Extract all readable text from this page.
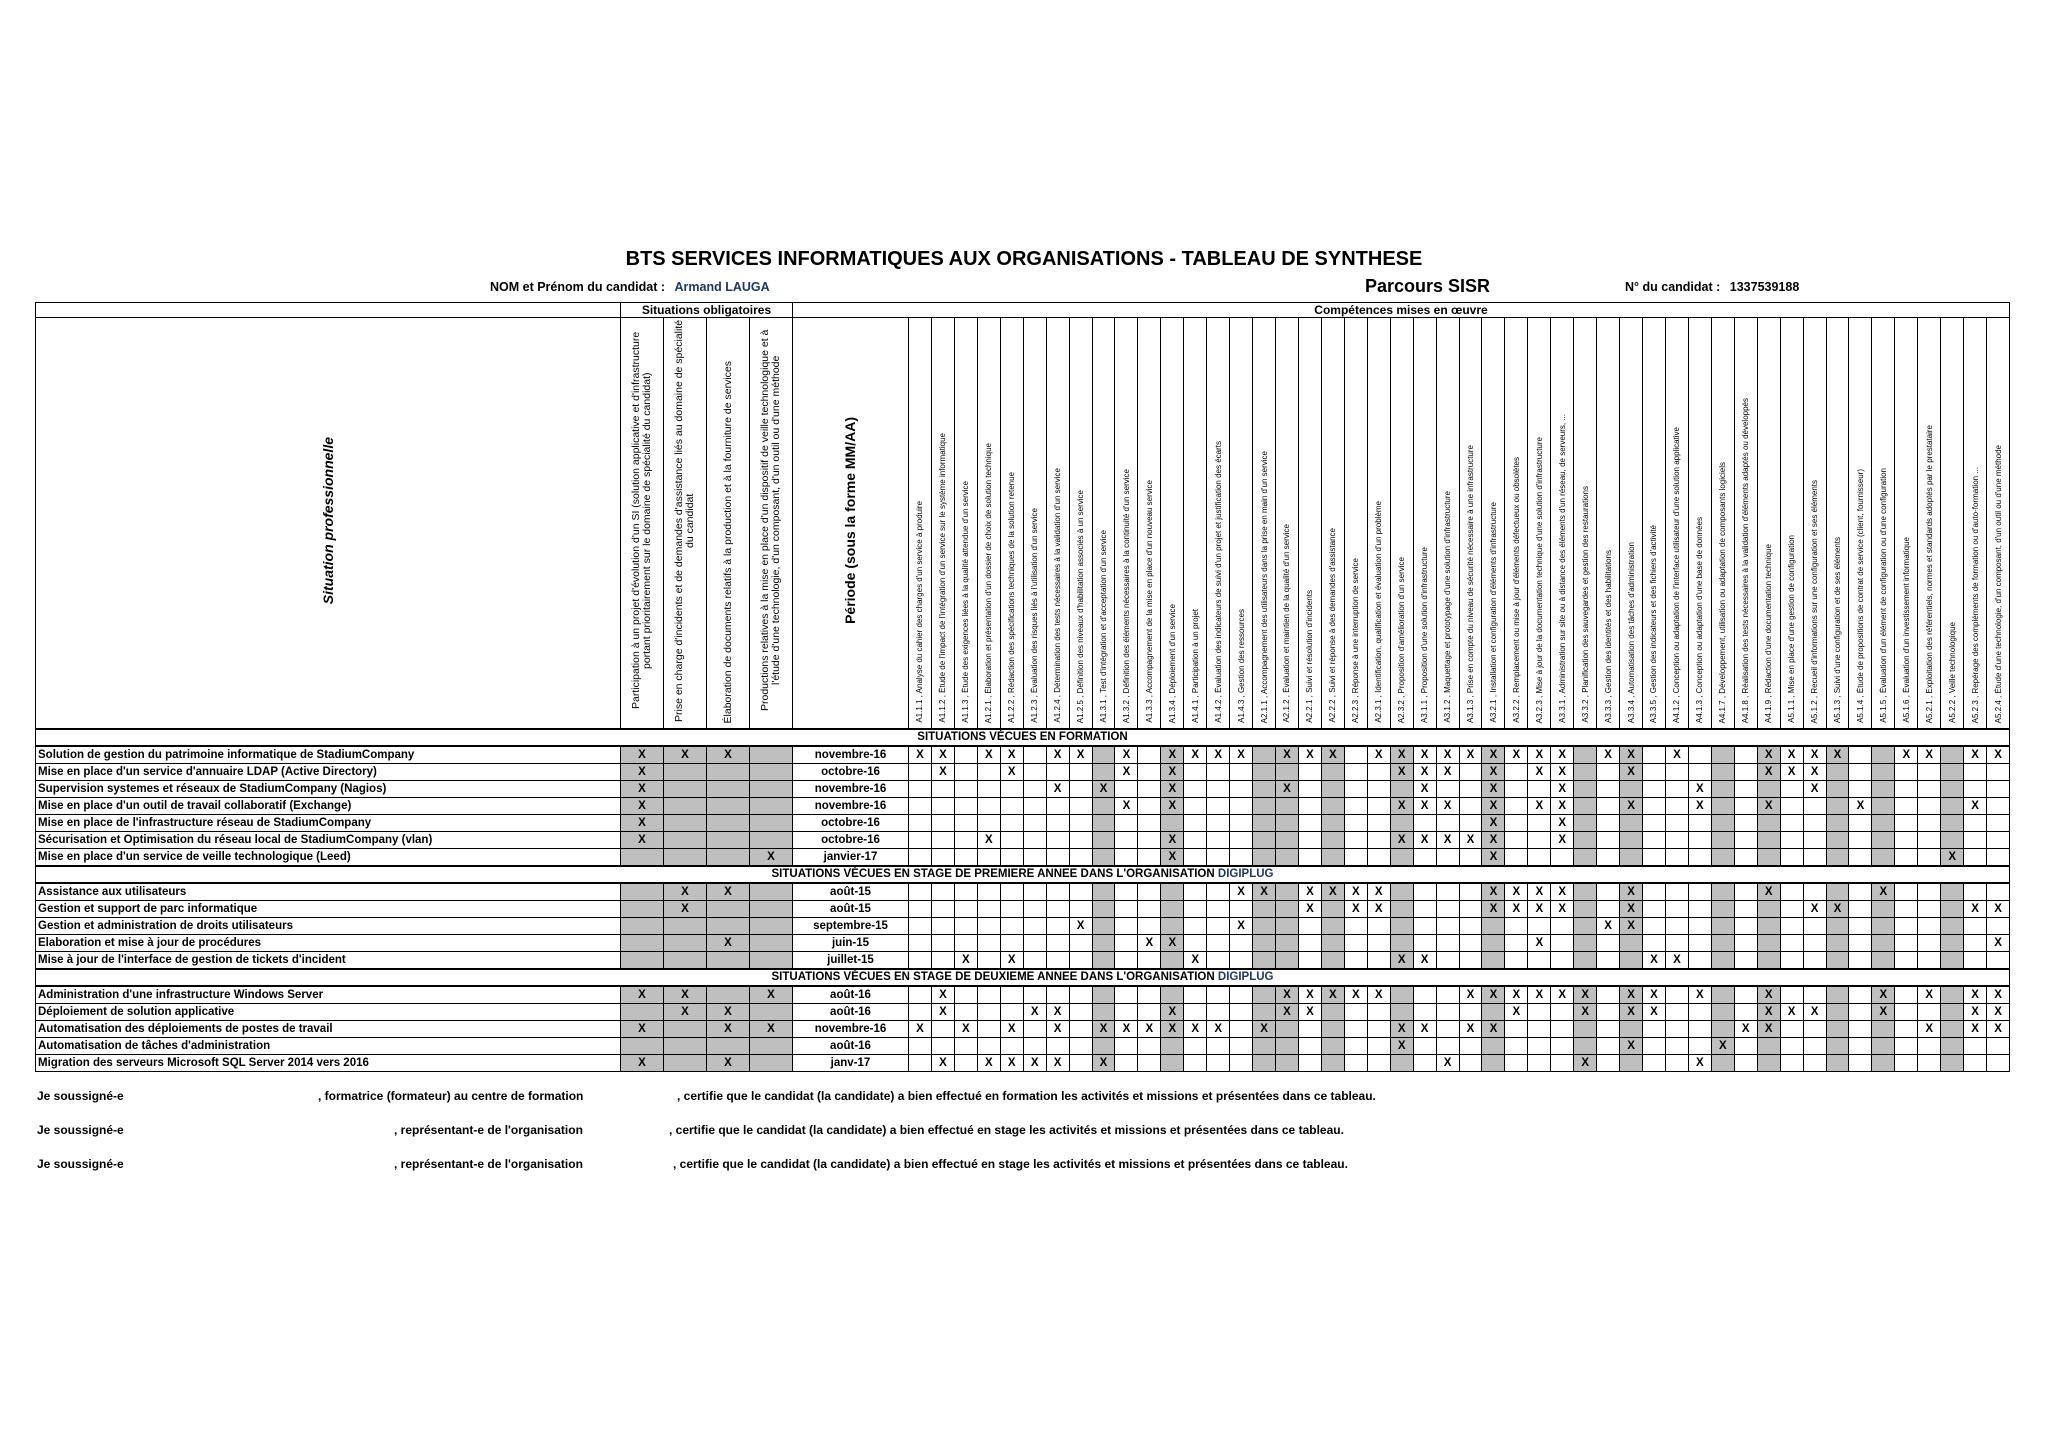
BTS SERVICES INFORMATIQUES AUX ORGANISATIONS - TABLEAU DE SYNTHESE
NOM et Prénom du candidat : Armand LAUGA	Parcours SISR	N° du candidat : 1337539188
	Situations obligatoires				Compétences mises en œuvre																																																
Situation professionnelle	Participation à un projet d'évolution d'un SI (solution applicative et d'infrastructure portant prioritairement sur le domaine de spécialité du candidat)	Prise en charge d'incidents et de demandes d'assistance liés au domaine de spécialité du candidat	Élaboration de documents relatifs à la production et à la fourniture de services	Productions relatives à la mise en place d'un dispositif de veille technologique et à l'étude d'une technologie, d'un composant, d'un outil ou d'une méthode	Période (sous la forme MM/AA)	A1.1.1 , Analyse du cahier des charges d'un service à produire	A1.1.2 , Étude de l'impact de l'intégration d'un service sur le système informatique	A1.1.3 , Étude des exigences liées à la qualité attendue d'un service	A1.2.1 , Élaboration et présentation d'un dossier de choix de solution technique	A1.2.2 , Rédaction des spécifications techniques de la solution retenue	A1.2.3 , Évaluation des risques liés à l'utilisation d'un service	A1.2.4 , Détermination des tests nécessaires à la validation d'un service	A1.2.5 , Définition des niveaux d'habilitation associés à un service	A1.3.1 , Test d'intégration et d'acceptation d'un service	A1.3.2 , Définition des éléments nécessaires à la continuité d'un service	A1.3.3 , Accompagnement de la mise en place d'un nouveau service	A1.3.4 , Déploiement d'un service	A1.4.1 , Participation à un projet	A1.4.2 , Évaluation des indicateurs de suivi d'un projet et justification des écarts	A1.4.3 , Gestion des ressources	A2.1.1 , Accompagnement des utilisateurs dans la prise en main d'un service	A2.1.2 , Évaluation et maintien de la qualité d'un service	A2.2.1 , Suivi et résolution d'incidents	A2.2.2 , Suivi et réponse à des demandes d'assistance	A2.2.3 , Réponse à une interruption de service	A2.3.1 , Identification, qualification et évaluation d'un problème	A2.3.2 , Proposition d'amélioration d'un service	A3.1.1 , Proposition d'une solution d'infrastructure	A3.1.2 , Maquettage et prototypage d'une solution d'infrastructure	A3.1.3 , Prise en compte du niveau de sécurité nécessaire à une infrastructure	A3.2.1 , Installation et configuration d'éléments d'infrastructure	A3.2.2 , Remplacement ou mise à jour d'éléments défectueux ou obsolètes	A3.2.3 , Mise à jour de la documentation technique d'une solution d'infrastructure	A3.3.1 , Administration sur site ou à distance des éléments d'un réseau, de serveurs, ...	A3.3.2 , Planification des sauvegardes et gestion des restaurations	A3.3.3 , Gestion des identités et des habilitations	A3.3.4 , Automatisation des tâches d'administration	A3.3.5 , Gestion des indicateurs et des fichiers d'activité	A4.1.2 , Conception ou adaptation de l'interface utilisateur d'une solution applicative	A4.1.3 , Conception ou adaptation d'une base de données	A4.1.7 , Développement, utilisation ou adaptation de composants logiciels	A4.1.8 , Réalisation des tests nécessaires à la validation d'éléments adaptés ou développés	A4.1.9 , Rédaction d'une documentation technique	A5.1.1 , Mise en place d'une gestion de configuration	A5.1.2 , Recueil d'informations sur une configuration et ses éléments	A5.1.3 , Suivi d'une configuration et de ses éléments	A5.1.4 , Étude de propositions de contrat de service (client, fournisseur)	A5.1.5 , Évaluation d'un élément de configuration ou d'une configuration	A5.1.6 , Évaluation d'un investissement informatique	A5.2.1 , Exploitation des référentiels, normes et standards adoptés par le prestataire	A5.2.2 , Veille technologique	A5.2.3 , Repérage des compléments de formation ou d'auto-formation ...	A5.2.4 , Étude d'une technologie, d'un composant, d'un outil ou d'une méthode
SITUATIONS VÉCUES EN FORMATION																																																					
Solution de gestion du patrimoine informatique de StadiumCompany	X	X	X		novembre-16	X	X		X	X		X	X		X		X	X	X	X		X	X	X		X	X	X	X	X	X	X	X	X		X	X		X				X	X	X	X			X	X		X	X
Mise en place d'un service d'annuaire LDAP (Active Directory)	X				octobre-16		X			X					X		X										X	X	X		X		X	X			X						X	X	X								
Supervision systemes et réseaux de StadiumCompany (Nagios)	X				novembre-16							X		X			X					X						X			X			X						X					X								
Mise en place d'un outil de travail collaboratif (Exchange)	X				novembre-16										X		X										X	X	X		X		X	X			X			X			X				X					X	
Mise en place de l'infrastructure réseau de StadiumCompany	X				octobre-16																										X			X																			
Sécurisation et Optimisation du réseau local de StadiumCompany (vlan)	X				octobre-16				X								X										X	X	X	X	X			X																			
Mise en place d'un service de veille technologique (Leed)				X	janvier-17												X														X																				X		
SITUATIONS VÉCUES EN STAGE DE PREMIERE ANNEE DANS L'ORGANISATION DIGIPLUG																																																					
Assistance aux utilisateurs		X	X		août-15															X	X		X	X	X	X					X	X	X	X			X						X					X					
Gestion et support de parc informatique		X			août-15																		X		X	X					X	X	X	X			X								X	X						X	X
Gestion et administration de droits utilisateurs					septembre-15								X							X																X	X																
Elaboration et mise à jour de procédures			X		juin-15											X	X																X																				X
Mise à jour de l'interface de gestion de tickets d'incident					juillet-15			X		X								X									X	X										X	X														
SITUATIONS VÉCUES EN STAGE DE DEUXIEME ANNEE DANS L'ORGANISATION DIGIPLUG																																																					
Administration d'une infrastructure Windows Server	X	X		X	août-16		X															X	X	X	X	X				X	X	X	X	X	X		X	X		X			X					X		X		X	X
Déploiement de solution applicative		X	X		août-16		X				X	X					X					X	X									X			X		X	X					X	X	X			X				X	X
Automatisation des déploiements de postes de travail	X		X	X	novembre-16	X		X		X		X		X	X	X	X	X	X		X						X	X		X	X											X	X							X		X	X
Automatisation de tâches d'administration					août-16																						X										X				X												
Migration des serveurs Microsoft SQL Server 2014 vers 2016	X		X		janv-17		X		X	X	X	X		X															X						X					X													
Je soussigné-e	, formatrice (formateur) au centre de formation	, certifie que le candidat (la candidate) a bien effectué en formation les activités et missions et présentées dans ce tableau.
Je soussigné-e	, représentant-e de l'organisation	, certifie que le candidat (la candidate) a bien effectué en stage les activités et missions et présentées dans ce tableau.
Je soussigné-e	, représentant-e de l'organisation	, certifie que le candidat (la candidate) a bien effectué en stage les activités et missions et présentées dans ce tableau.
